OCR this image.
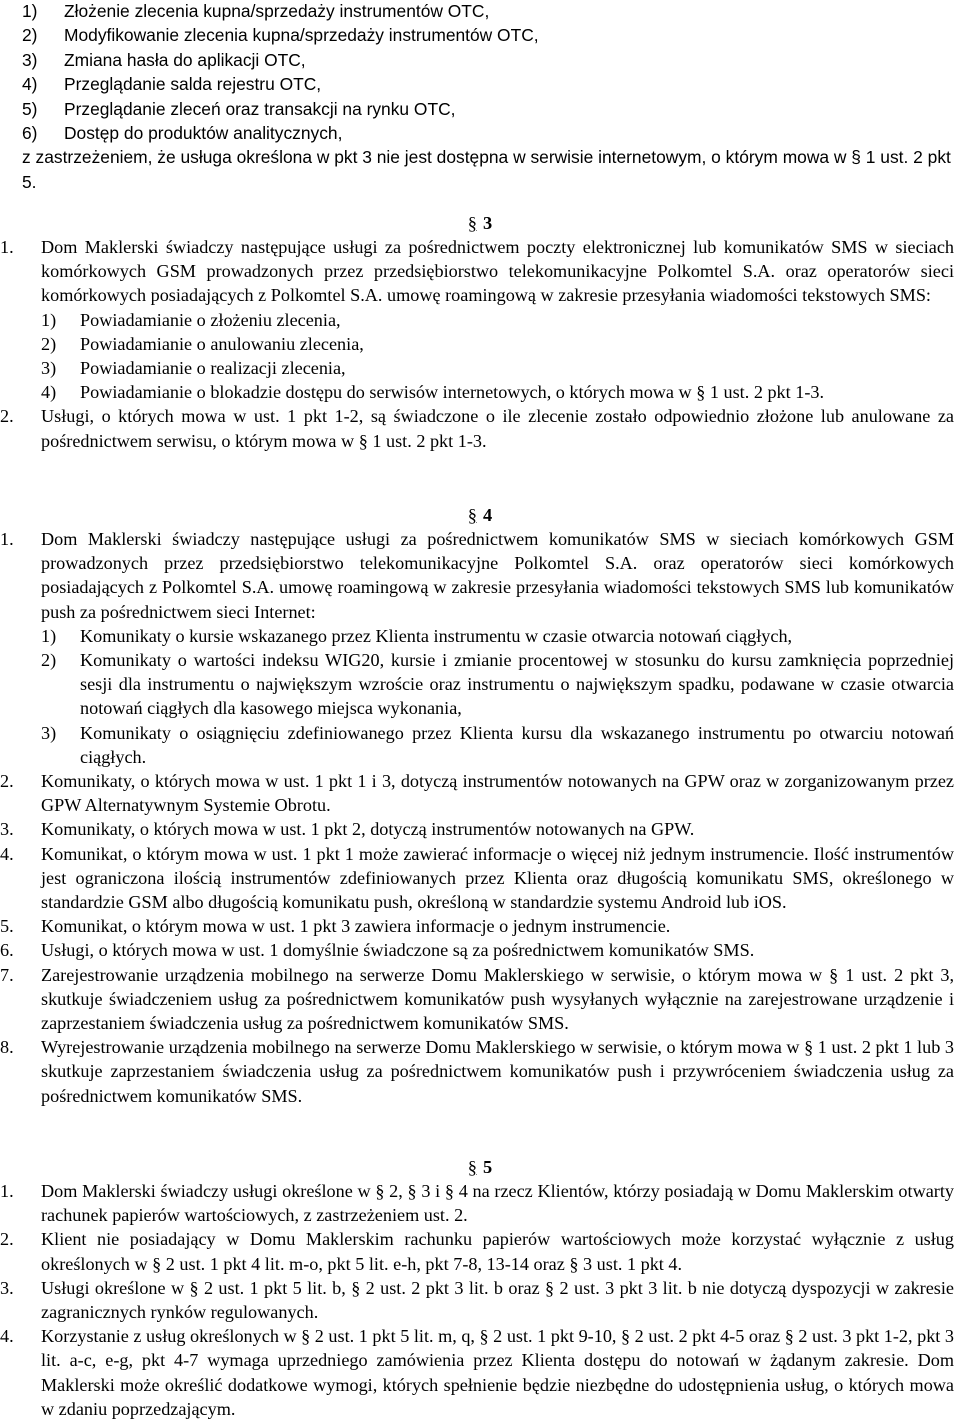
1) Złożenie zlecenia kupna/sprzedaży instrumentów OTC,
2) Modyfikowanie zlecenia kupna/sprzedaży instrumentów OTC,
3) Zmiana hasła do aplikacji OTC,
4) Przeglądanie salda rejestru OTC,
5) Przeglądanie zleceń oraz transakcji na rynku OTC,
6) Dostęp do produktów analitycznych,
z zastrzeżeniem, że usługa określona w pkt 3 nie jest dostępna w serwisie internetowym, o którym mowa w § 1 ust. 2 pkt 5.
§ 3
1. Dom Maklerski świadczy następujące usługi za pośrednictwem poczty elektronicznej lub komunikatów SMS w sieciach komórkowych GSM prowadzonych przez przedsiębiorstwo telekomunikacyjne Polkomtel S.A. oraz operatorów sieci komórkowych posiadających z Polkomtel S.A. umowę roamingową w zakresie przesyłania wiadomości tekstowych SMS:
1) Powiadamianie o złożeniu zlecenia,
2) Powiadamianie o anulowaniu zlecenia,
3) Powiadamianie o realizacji zlecenia,
4) Powiadamianie o blokadzie dostępu do serwisów internetowych, o których mowa w § 1 ust. 2 pkt 1-3.
2. Usługi, o których mowa w ust. 1 pkt 1-2, są świadczone o ile zlecenie zostało odpowiednio złożone lub anulowane za pośrednictwem serwisu, o którym mowa w § 1 ust. 2 pkt 1-3.
§ 4
1. Dom Maklerski świadczy następujące usługi za pośrednictwem komunikatów SMS w sieciach komórkowych GSM prowadzonych przez przedsiębiorstwo telekomunikacyjne Polkomtel S.A. oraz operatorów sieci komórkowych posiadających z Polkomtel S.A. umowę roamingową w zakresie przesyłania wiadomości tekstowych SMS lub komunikatów push za pośrednictwem sieci Internet:
1) Komunikaty o kursie wskazanego przez Klienta instrumentu w czasie otwarcia notowań ciągłych,
2) Komunikaty o wartości indeksu WIG20, kursie i zmianie procentowej w stosunku do kursu zamknięcia poprzedniej sesji dla instrumentu o największym wzroście oraz instrumentu o największym spadku, podawane w czasie otwarcia notowań ciągłych dla kasowego miejsca wykonania,
3) Komunikaty o osiągnięciu zdefiniowanego przez Klienta kursu dla wskazanego instrumentu po otwarciu notowań ciągłych.
2. Komunikaty, o których mowa w ust. 1 pkt 1 i 3, dotyczą instrumentów notowanych na GPW oraz w zorganizowanym przez GPW Alternatywnym Systemie Obrotu.
3. Komunikaty, o których mowa w ust. 1 pkt 2, dotyczą instrumentów notowanych na GPW.
4. Komunikat, o którym mowa w ust. 1 pkt 1 może zawierać informacje o więcej niż jednym instrumencie. Ilość instrumentów jest ograniczona ilością instrumentów zdefiniowanych przez Klienta oraz długością komunikatu SMS, określonego w standardzie GSM albo długością komunikatu push, określoną w standardzie systemu Android lub iOS.
5. Komunikat, o którym mowa w ust. 1 pkt 3 zawiera informacje o jednym instrumencie.
6. Usługi, o których mowa w ust. 1 domyślnie świadczone są za pośrednictwem komunikatów SMS.
7. Zarejestrowanie urządzenia mobilnego na serwerze Domu Maklerskiego w serwisie, o którym mowa w § 1 ust. 2 pkt 3, skutkuje świadczeniem usług za pośrednictwem komunikatów push wysyłanych wyłącznie na zarejestrowane urządzenie i zaprzestaniem świadczenia usług za pośrednictwem komunikatów SMS.
8. Wyrejestrowanie urządzenia mobilnego na serwerze Domu Maklerskiego w serwisie, o którym mowa w § 1 ust. 2 pkt 1 lub 3 skutkuje zaprzestaniem świadczenia usług za pośrednictwem komunikatów push i przywróceniem świadczenia usług za pośrednictwem komunikatów SMS.
§ 5
1. Dom Maklerski świadczy usługi określone w § 2, § 3 i § 4 na rzecz Klientów, którzy posiadają w Domu Maklerskim otwarty rachunek papierów wartościowych, z zastrzeżeniem ust. 2.
2. Klient nie posiadający w Domu Maklerskim rachunku papierów wartościowych może korzystać wyłącznie z usług określonych w § 2 ust. 1 pkt 4 lit. m-o, pkt 5 lit. e-h, pkt 7-8, 13-14 oraz § 3 ust. 1 pkt 4.
3. Usługi określone w § 2 ust. 1 pkt 5 lit. b, § 2 ust. 2 pkt 3 lit. b oraz § 2 ust. 3 pkt 3 lit. b nie dotyczą dyspozycji w zakresie zagranicznych rynków regulowanych.
4. Korzystanie z usług określonych w § 2 ust. 1 pkt 5 lit. m, q, § 2 ust. 1 pkt 9-10, § 2 ust. 2 pkt 4-5 oraz § 2 ust. 3 pkt 1-2, pkt 3 lit. a-c, e-g, pkt 4-7 wymaga uprzedniego zamówienia przez Klienta dostępu do notowań w żądanym zakresie. Dom Maklerski może określić dodatkowe wymogi, których spełnienie będzie niezbędne do udostępnienia usług, o których mowa w zdaniu poprzedzającym.
